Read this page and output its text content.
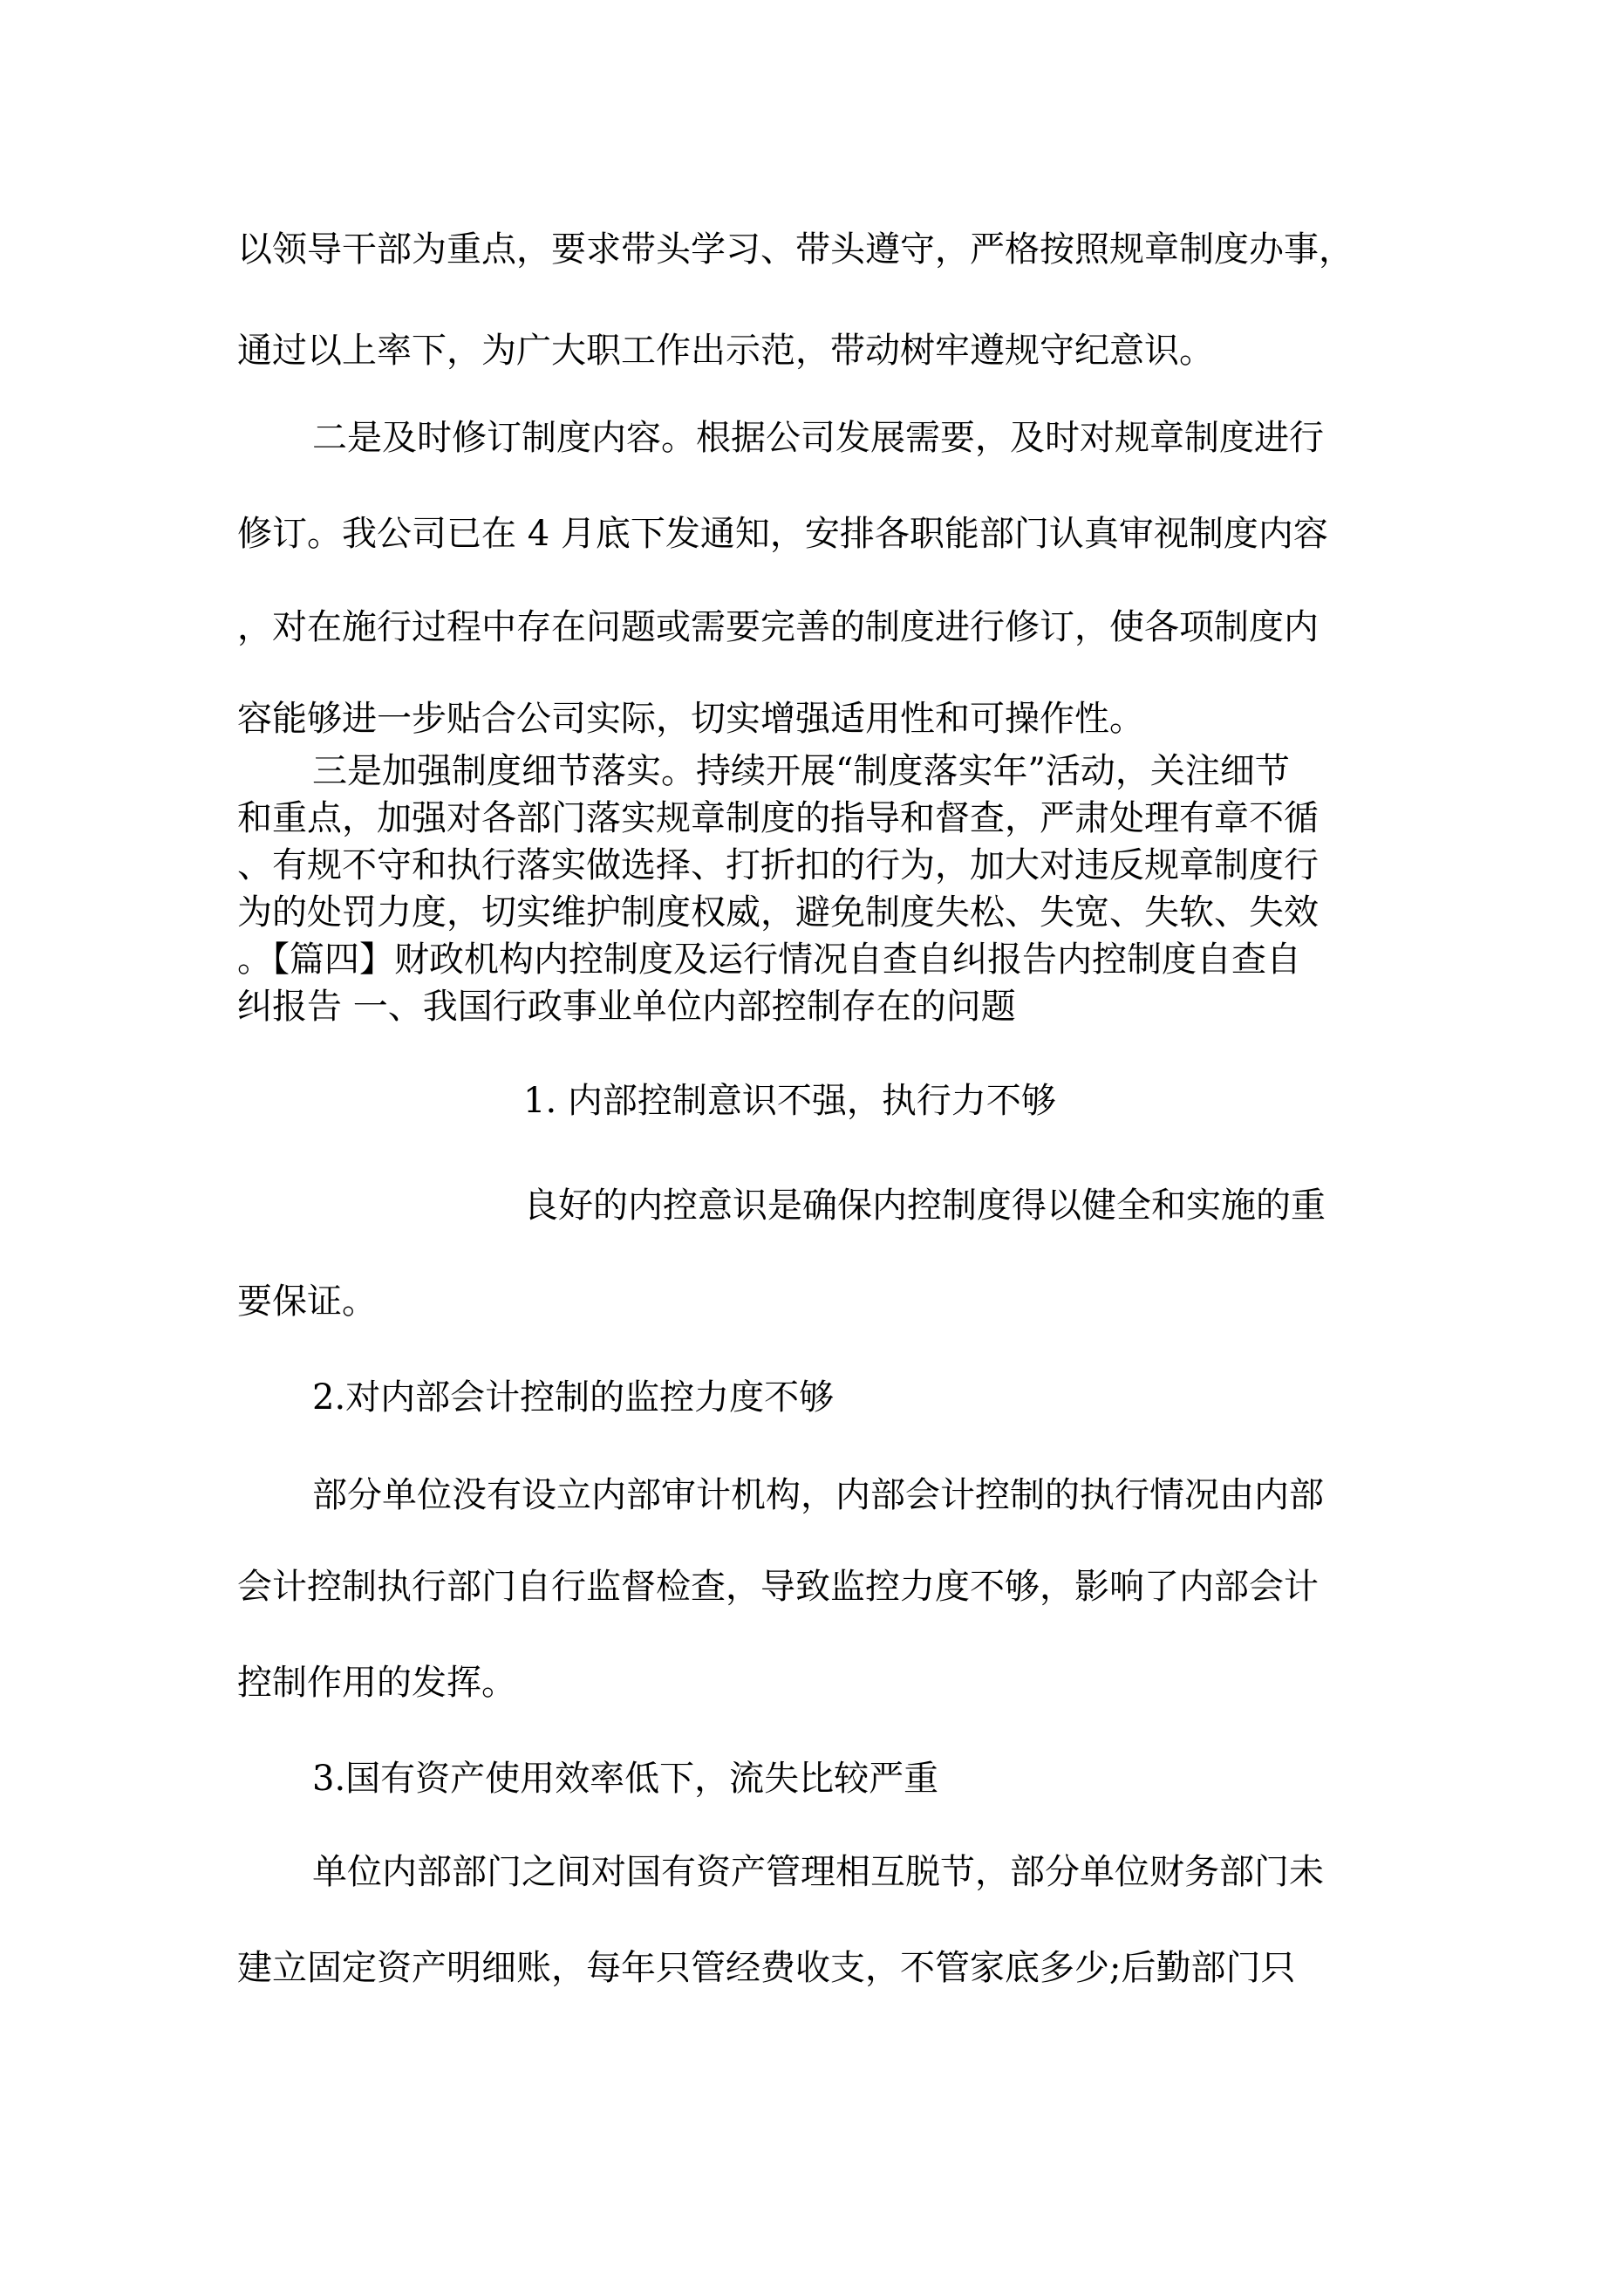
以领导干部为重点，要求带头学习、带头遵守，严格按照规章制度办事，
通过以上率下，为广大职工作出示范，带动树牢遵规守纪意识。
二是及时修订制度内容。根据公司发展需要，及时对规章制度进行
修订。我公司已在 4 月底下发通知，安排各职能部门认真审视制度内容
，对在施行过程中存在问题或需要完善的制度进行修订，使各项制度内
容能够进一步贴合公司实际，切实增强适用性和可操作性。
三是加强制度细节落实。持续开展“制度落实年”活动，关注细节
和重点，加强对各部门落实规章制度的指导和督查，严肃处理有章不循
、有规不守和执行落实做选择、打折扣的行为，加大对违反规章制度行
为的处罚力度，切实维护制度权威，避免制度失松、失宽、失软、失效
。【篇四】财政机构内控制度及运行情况自查自纠报告内控制度自查自
纠报告 一、我国行政事业单位内部控制存在的问题
1. 内部控制意识不强，执行力不够
良好的内控意识是确保内控制度得以健全和实施的重
要保证。
2.对内部会计控制的监控力度不够
部分单位没有设立内部审计机构，内部会计控制的执行情况由内部
会计控制执行部门自行监督检查，导致监控力度不够，影响了内部会计
控制作用的发挥。
3.国有资产使用效率低下，流失比较严重
单位内部部门之间对国有资产管理相互脱节，部分单位财务部门未
建立固定资产明细账，每年只管经费收支，不管家底多少;后勤部门只
